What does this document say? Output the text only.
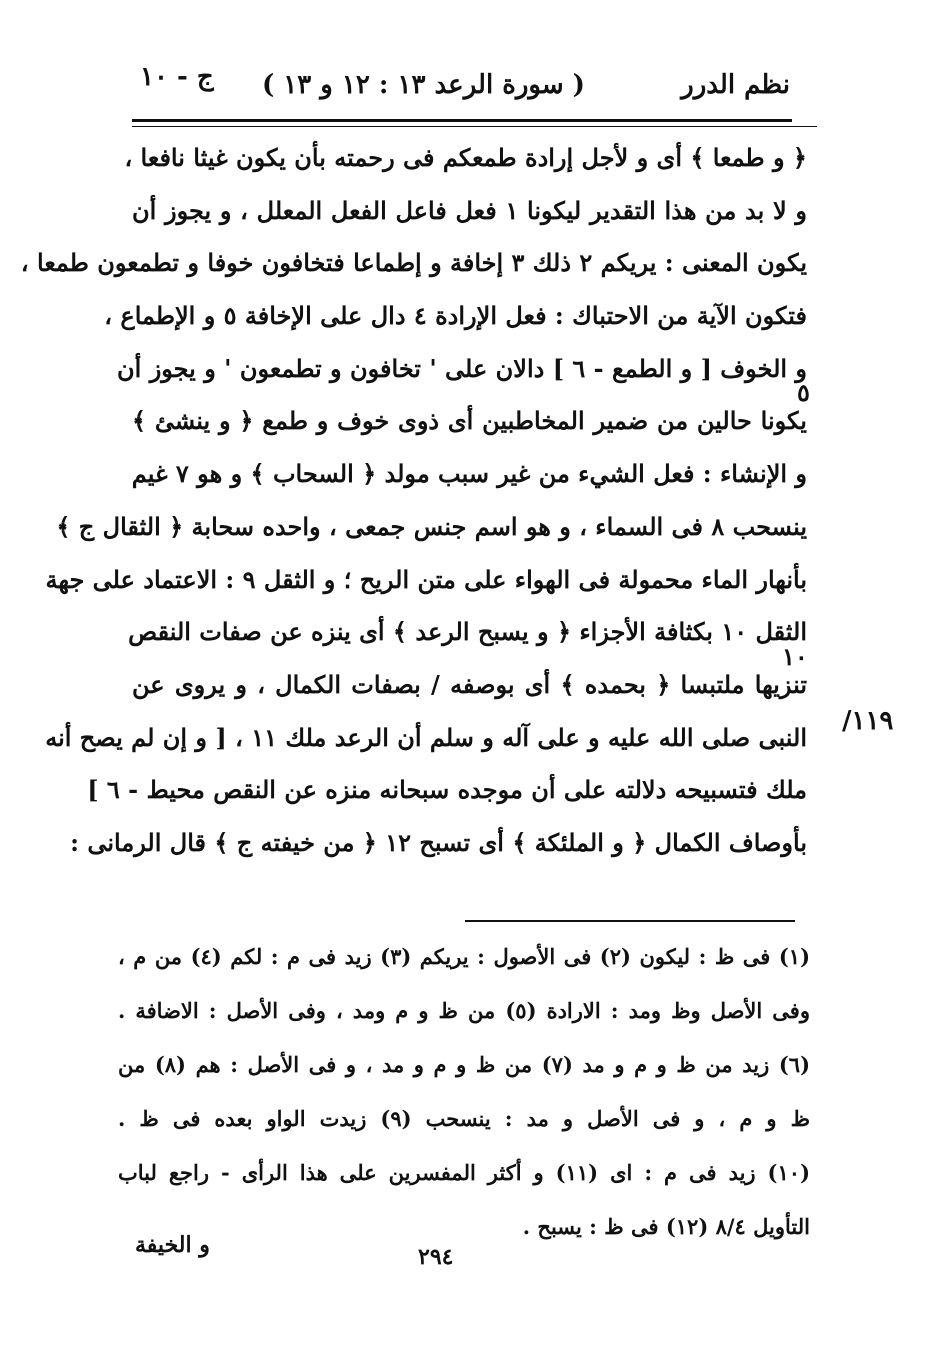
نظم الدرر
( سورة الرعد ١٣ : ١٢ و ١٣ )
ج - ١٠
﴿ و طمعا ﴾ أى و لأجل إرادة طمعكم فى رحمته بأن يكون غيثا نافعا ،
و لا بد من هذا التقدير ليكونا ١ فعل فاعل الفعل المعلل ، و يجوز أن
يكون المعنى : يريكم ٢ ذلك ٣ إخافة و إطماعا فتخافون خوفا و تطمعون طمعا ،
فتكون الآية من الاحتباك : فعل الإرادة ٤ دال على الإخافة ٥ و الإطماع ،
و الخوف [ و الطمع - ٦ ] دالان على ' تخافون و تطمعون ' و يجوز أن
يكونا حالين من ضمير المخاطبين أى ذوى خوف و طمع ﴿ و ينشئ ﴾
و الإنشاء : فعل الشيء من غير سبب مولد ﴿ السحاب ﴾ و هو ٧ غيم
ينسحب ٨ فى السماء ، و هو اسم جنس جمعى ، واحده سحابة ﴿ الثقال ج ﴾
بأنهار الماء محمولة فى الهواء على متن الريح ؛ و الثقل ٩ : الاعتماد على جهة
الثقل ١٠ بكثافة الأجزاء ﴿ و يسبح الرعد ﴾ أى ينزه عن صفات النقص
تنزيها ملتبسا ﴿ بحمده ﴾ أى بوصفه / بصفات الكمال ، و يروى عن
النبى صلى الله عليه و على آله و سلم أن الرعد ملك ١١ ، [ و إن لم يصح أنه
ملك فتسبيحه دلالته على أن موجده سبحانه منزه عن النقص محيط - ٦ ]
بأوصاف الكمال ﴿ و الملئكة ﴾ أى تسبح ١٢ ﴿ من خيفته ج ﴾ قال الرمانى :
٥
١٠
/١١٩
(١) فى ظ : ليكون (٢) فى الأصول : يريكم (٣) زيد فى م : لكم (٤) من م ،
وفى الأصل وظ ومد : الارادة (٥) من ظ و م ومد ، وفى الأصل : الاضافة .
(٦) زيد من ظ و م و مد (٧) من ظ و م و مد ، و فى الأصل : هم (٨) من
ظ و م ، و فى الأصل و مد : ينسحب (٩) زيدت الواو بعده فى ظ .
(١٠) زيد فى م : اى (١١) و أكثر المفسرين على هذا الرأى - راجع لباب
التأويل ٨/٤ (١٢) فى ظ : يسبح .
و الخيفة	٢٩٤
